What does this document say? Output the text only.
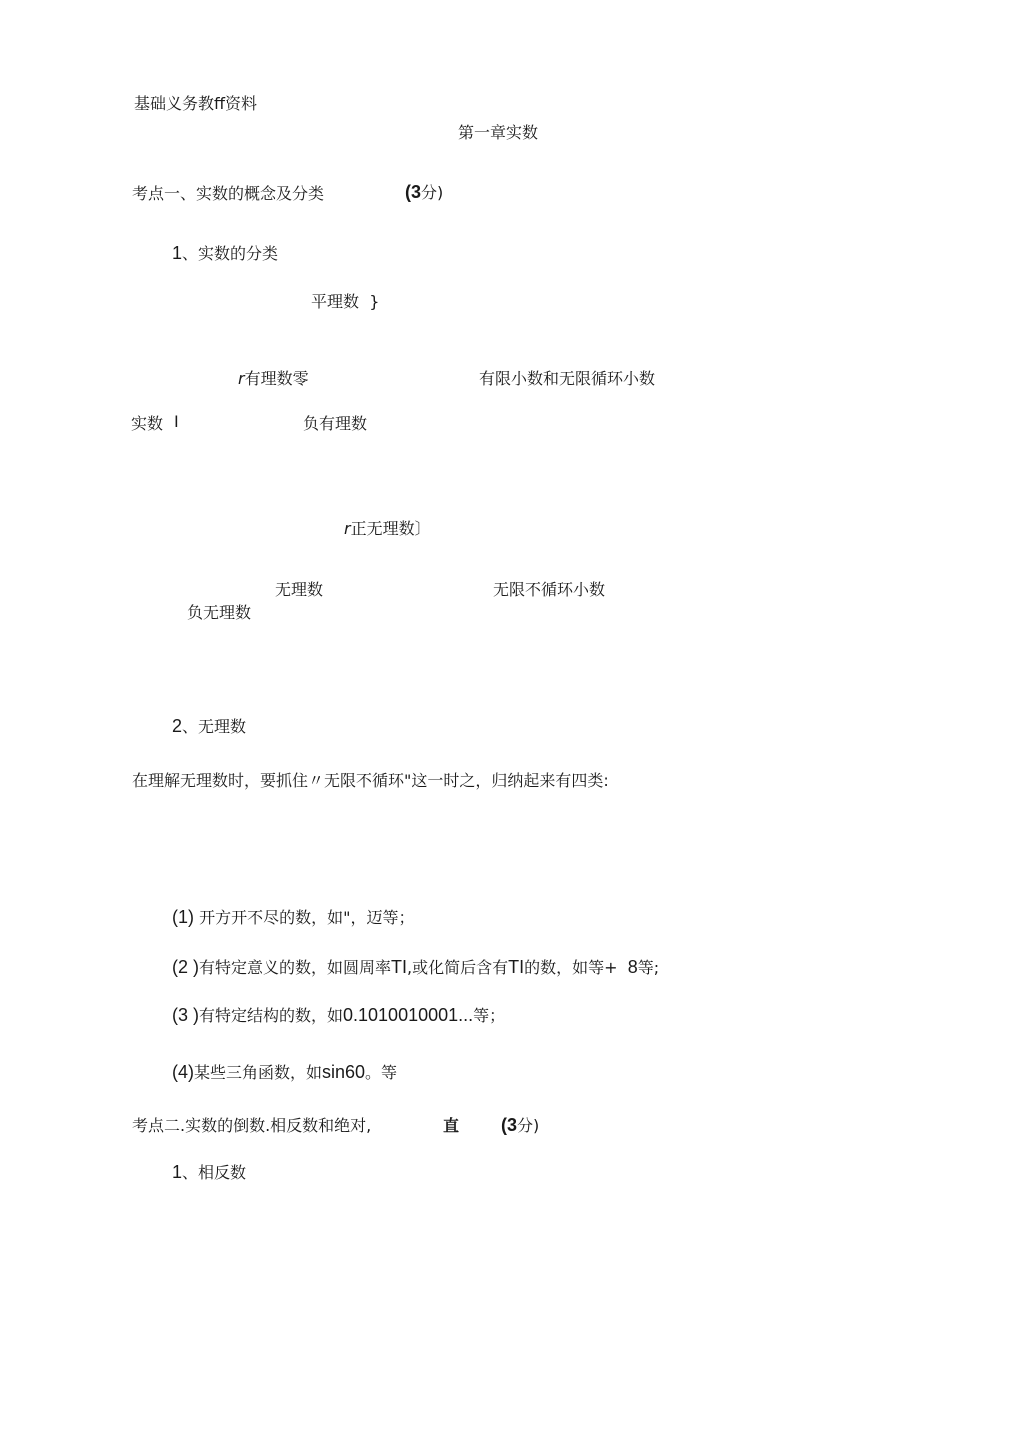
基础义务教ff资料
第一章实数
考点一、实数的概念及分类	(3分)
1、实数的分类
平理数 }
r有理数零	有限小数和无限循环小数
实数 I	负有理数
r正无理数〕
无理数	无限不循环小数
负无理数
2、无理数
在理解无理数时，要抓住〃无限不循环"这一时之，归纳起来有四类:
(1) 开方开不尽的数，如"，迈等；
(2 )有特定意义的数，如圆周率TI,或化简后含有TI的数，如等+ 8等;
(3 )有特定结构的数，如0.1010010001...等；
(4)某些三角函数，如sin60。等
考点二.实数的倒数.相反数和绝对,	直 (3分)
1、相反数
